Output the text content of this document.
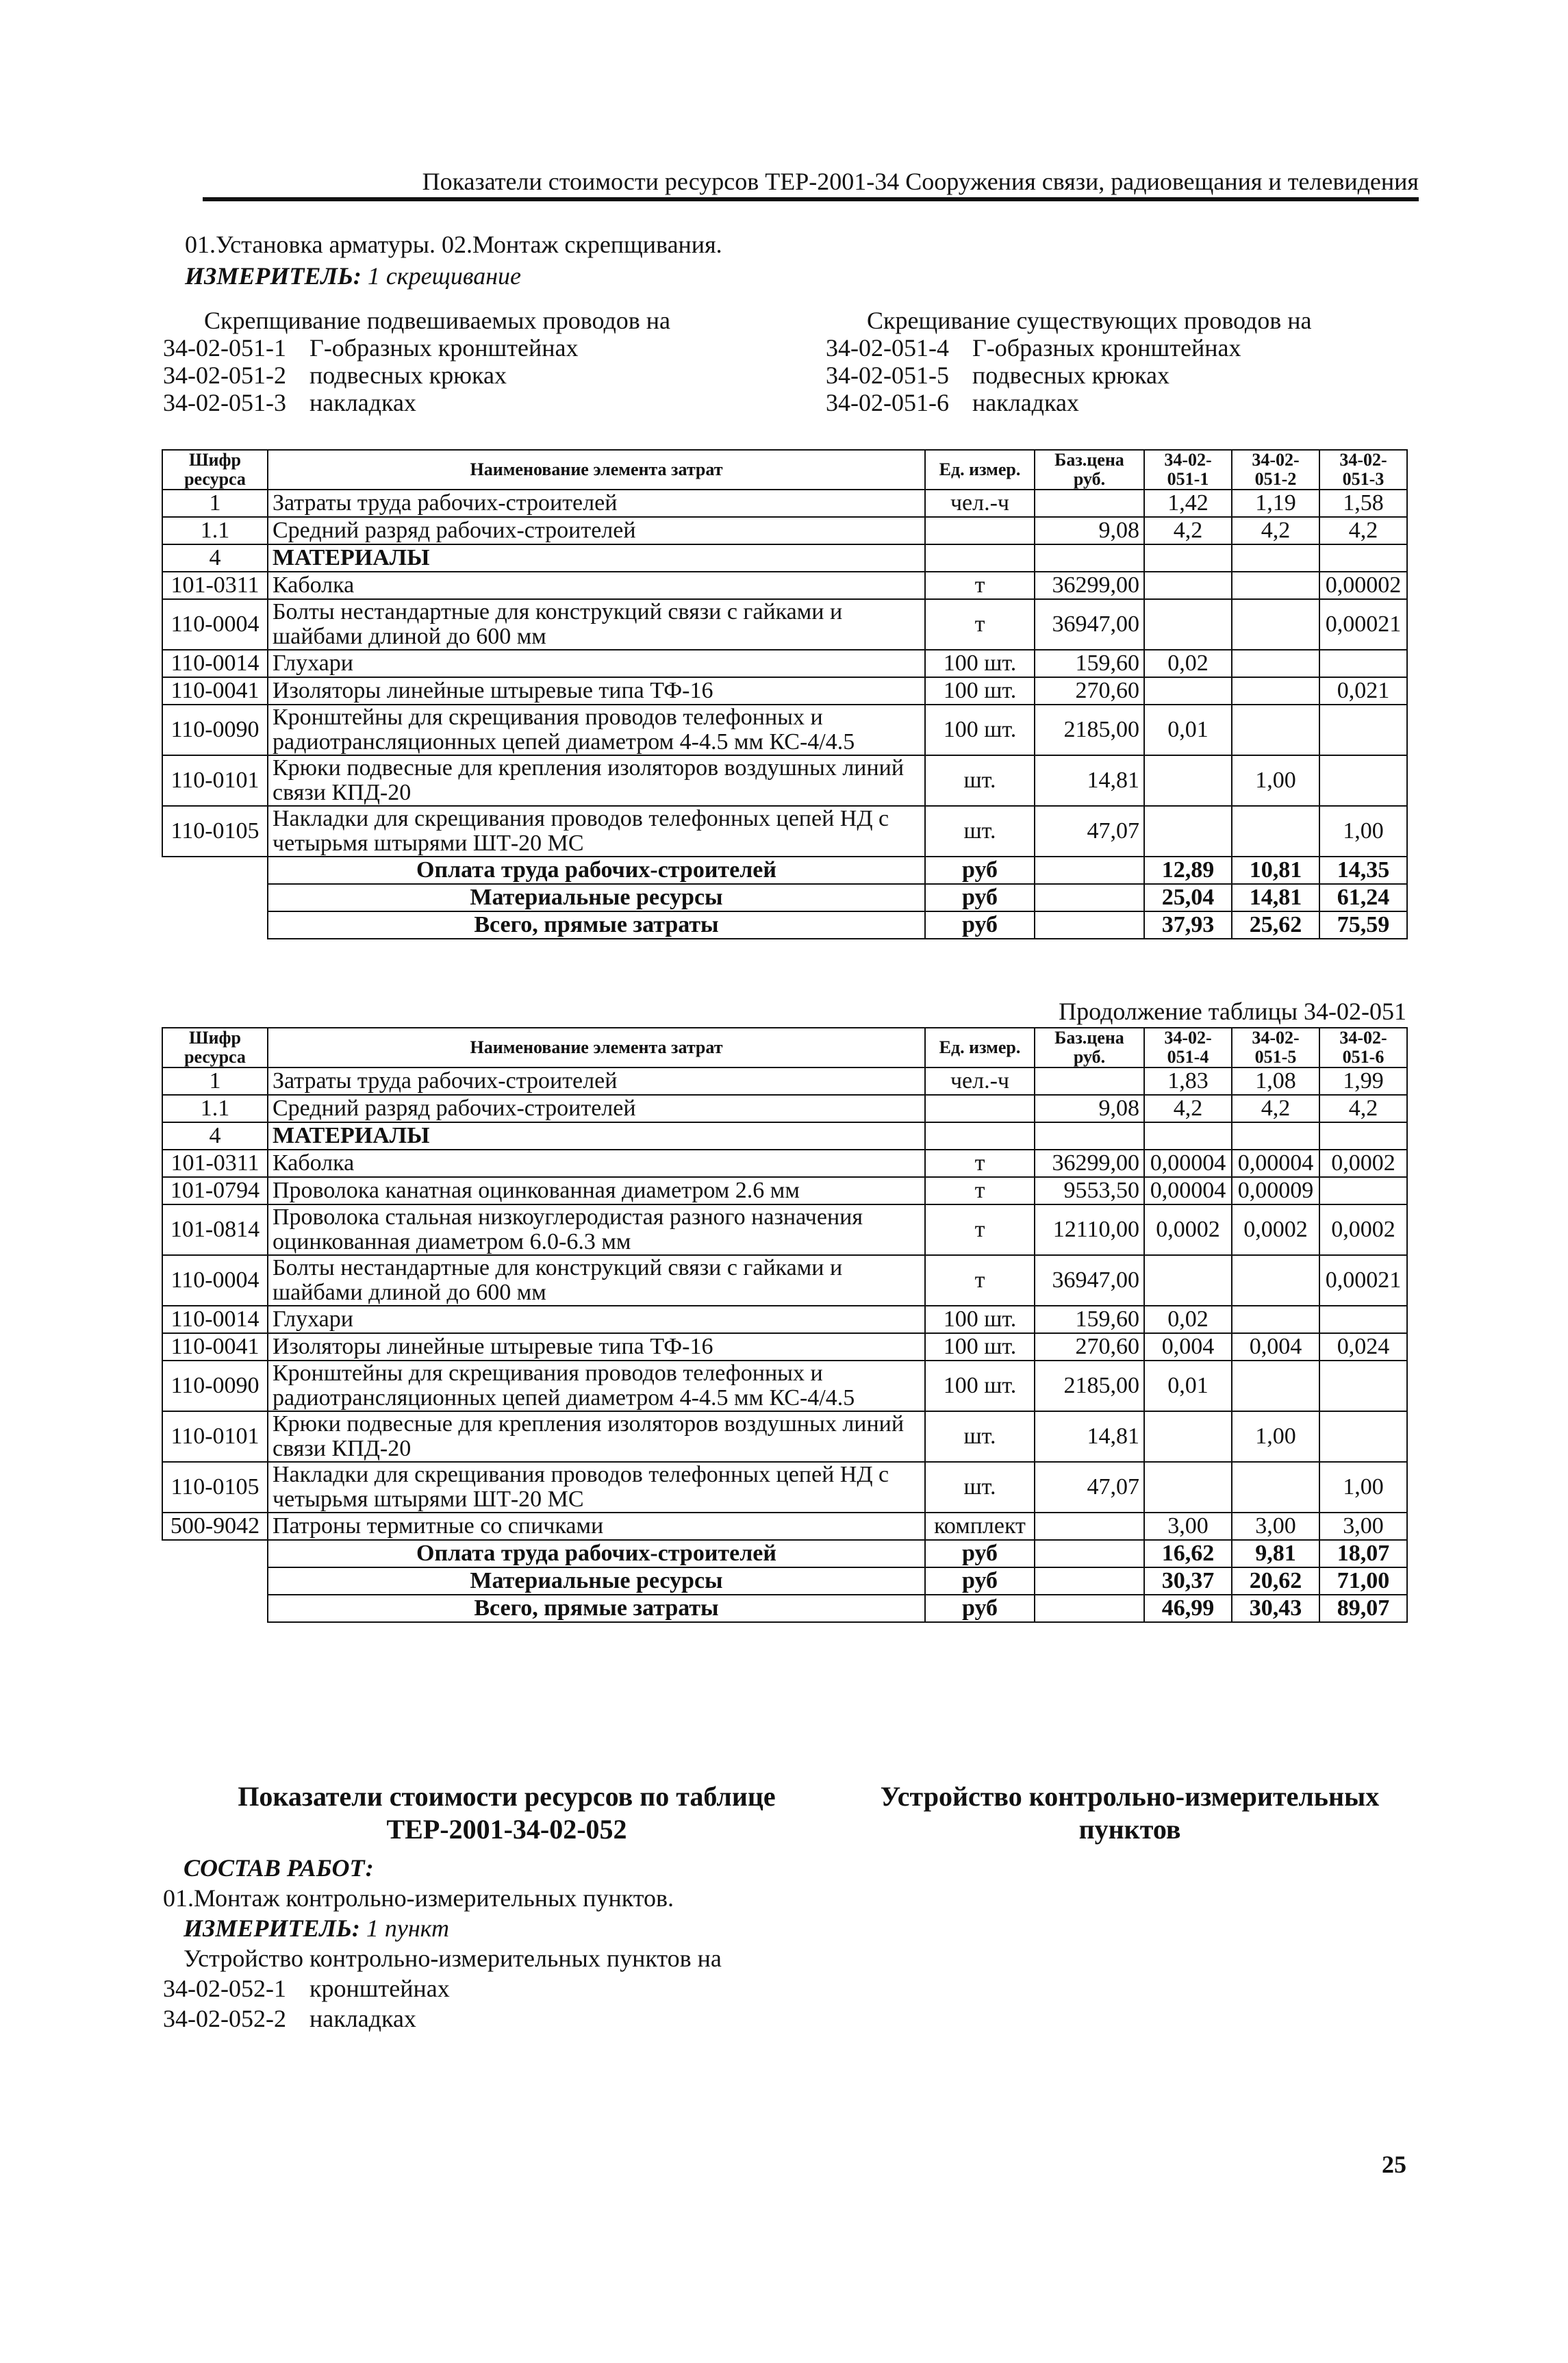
Показатели стоимости ресурсов ТЕР-2001-34 Сооружения связи, радиовещания и телевидения
01.Установка арматуры. 02.Монтаж скрепщивания.
ИЗМЕРИТЕЛЬ: 1 скрещивание
Скрепщивание подвешиваемых проводов на
34-02-051-1 Г-образных кронштейнах
34-02-051-2 подвесных крюках
34-02-051-3 накладках
Скрещивание существующих проводов на
34-02-051-4 Г-образных кронштейнах
34-02-051-5 подвесных крюках
34-02-051-6 накладках
Шифр ресурса	Наименование элемента затрат	Ед. измер.	Баз.цена руб.	34-02-051-1	34-02-051-2	34-02-051-3
1	Затраты труда рабочих-строителей	чел.-ч		1,42	1,19	1,58
1.1	Средний разряд рабочих-строителей		9,08	4,2	4,2	4,2
4	МАТЕРИАЛЫ					
101-0311	Каболка	т	36299,00			0,00002
110-0004	Болты нестандартные для конструкций связи с гайками и шайбами длиной до 600 мм	т	36947,00			0,00021
110-0014	Глухари	100 шт.	159,60	0,02		
110-0041	Изоляторы линейные штыревые типа ТФ-16	100 шт.	270,60			0,021
110-0090	Кронштейны для скрещивания проводов телефонных и радиотрансляционных цепей диаметром 4-4.5 мм КС-4/4.5	100 шт.	2185,00	0,01		
110-0101	Крюки подвесные для крепления изоляторов воздушных линий связи КПД-20	шт.	14,81		1,00	
110-0105	Накладки для скрещивания проводов телефонных цепей НД с четырьмя штырями ШТ-20 МС	шт.	47,07			1,00
	Оплата труда рабочих-строителей	руб		12,89	10,81	14,35
	Материальные ресурсы	руб		25,04	14,81	61,24
	Всего, прямые затраты	руб		37,93	25,62	75,59
Продолжение таблицы 34-02-051
Шифр ресурса	Наименование элемента затрат	Ед. измер.	Баз.цена руб.	34-02-051-4	34-02-051-5	34-02-051-6
1	Затраты труда рабочих-строителей	чел.-ч		1,83	1,08	1,99
1.1	Средний разряд рабочих-строителей		9,08	4,2	4,2	4,2
4	МАТЕРИАЛЫ					
101-0311	Каболка	т	36299,00	0,00004	0,00004	0,0002
101-0794	Проволока канатная оцинкованная диаметром 2.6 мм	т	9553,50	0,00004	0,00009	
101-0814	Проволока стальная низкоуглеродистая разного назначения оцинкованная диаметром 6.0-6.3 мм	т	12110,00	0,0002	0,0002	0,0002
110-0004	Болты нестандартные для конструкций связи с гайками и шайбами длиной до 600 мм	т	36947,00			0,00021
110-0014	Глухари	100 шт.	159,60	0,02		
110-0041	Изоляторы линейные штыревые типа ТФ-16	100 шт.	270,60	0,004	0,004	0,024
110-0090	Кронштейны для скрещивания проводов телефонных и радиотрансляционных цепей диаметром 4-4.5 мм КС-4/4.5	100 шт.	2185,00	0,01		
110-0101	Крюки подвесные для крепления изоляторов воздушных линий связи КПД-20	шт.	14,81		1,00	
110-0105	Накладки для скрещивания проводов телефонных цепей НД с четырьмя штырями ШТ-20 МС	шт.	47,07			1,00
500-9042	Патроны термитные со спичками	комплект		3,00	3,00	3,00
	Оплата труда рабочих-строителей	руб		16,62	9,81	18,07
	Материальные ресурсы	руб		30,37	20,62	71,00
	Всего, прямые затраты	руб		46,99	30,43	89,07
Показатели стоимости ресурсов по таблице
ТЕР-2001-34-02-052
Устройство контрольно-измерительных
пунктов
СОСТАВ РАБОТ:
01.Монтаж контрольно-измерительных пунктов.
ИЗМЕРИТЕЛЬ: 1 пункт
Устройство контрольно-измерительных пунктов на
34-02-052-1 кронштейнах
34-02-052-2 накладках
25
